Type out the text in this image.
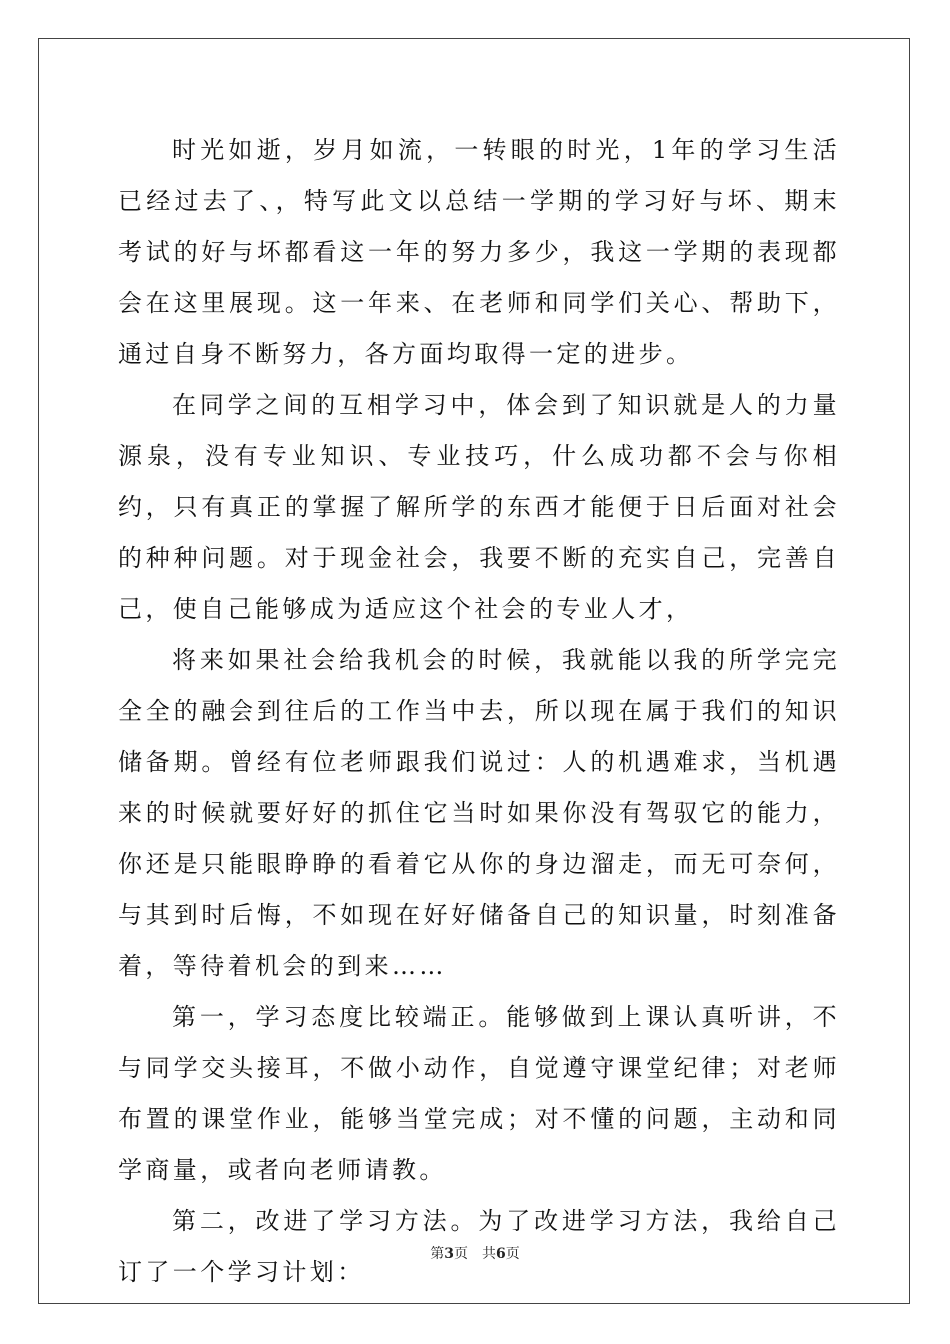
时光如逝，岁月如流，一转眼的时光，1年的学习生活已经过去了、，特写此文以总结一学期的学习好与坏、期末考试的好与坏都看这一年的努力多少，我这一学期的表现都会在这里展现。这一年来、在老师和同学们关心、帮助下，通过自身不断努力，各方面均取得一定的进步。

在同学之间的互相学习中，体会到了知识就是人的力量源泉，没有专业知识、专业技巧，什么成功都不会与你相约，只有真正的掌握了解所学的东西才能便于日后面对社会的种种问题。对于现金社会，我要不断的充实自己，完善自己，使自己能够成为适应这个社会的专业人才，

将来如果社会给我机会的时候，我就能以我的所学完完全全的融会到往后的工作当中去，所以现在属于我们的知识储备期。曾经有位老师跟我们说过：人的机遇难求，当机遇来的时候就要好好的抓住它当时如果你没有驾驭它的能力，你还是只能眼睁睁的看着它从你的身边溜走，而无可奈何，与其到时后悔，不如现在好好储备自己的知识量，时刻准备着，等待着机会的到来……

第一，学习态度比较端正。能够做到上课认真听讲，不与同学交头接耳，不做小动作，自觉遵守课堂纪律；对老师布置的课堂作业，能够当堂完成；对不懂的问题，主动和同学商量，或者向老师请教。

第二，改进了学习方法。为了改进学习方法，我给自己订了一个学习计划：

第3页 共6页
